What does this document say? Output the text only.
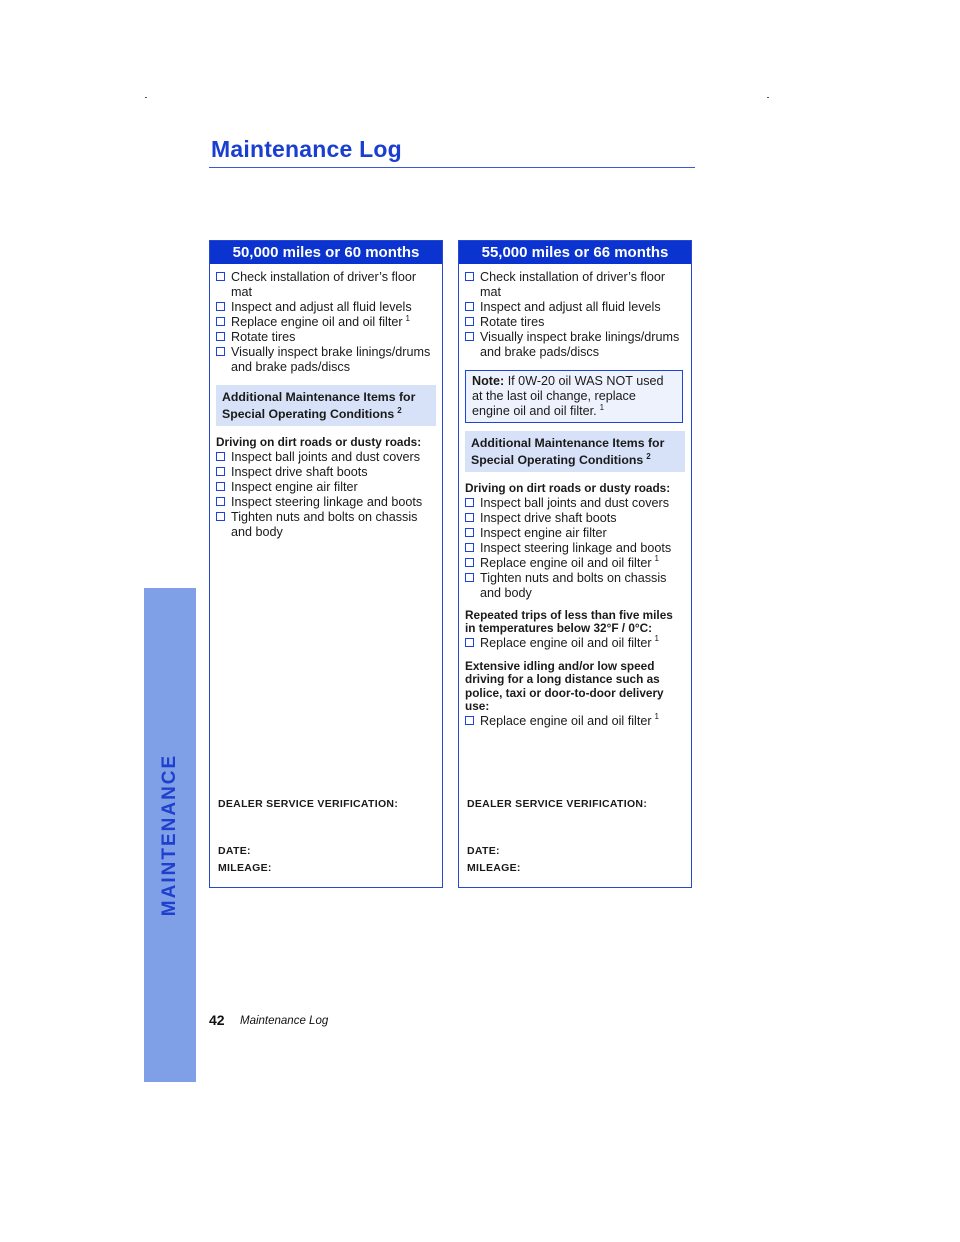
Maintenance Log
MAINTENANCE
50,000 miles or 60 months
Check installation of driver’s floor mat
Inspect and adjust all fluid levels
Replace engine oil and oil filter $^1$
Rotate tires
Visually inspect brake linings/drums and brake pads/discs
Additional Maintenance Items for
Special Operating Conditions $^2$
Driving on dirt roads or dusty roads:
Inspect ball joints and dust covers
Inspect drive shaft boots
Inspect engine air filter
Inspect steering linkage and boots
Tighten nuts and bolts on chassis and body
DEALER SERVICE VERIFICATION:
DATE:
MILEAGE:
55,000 miles or 66 months
Check installation of driver’s floor mat
Inspect and adjust all fluid levels
Rotate tires
Visually inspect brake linings/drums and brake pads/discs
Note: If 0W-20 oil WAS NOT used at the last oil change, replace engine oil and oil filter. $^1$
Additional Maintenance Items for
Special Operating Conditions $^2$
Driving on dirt roads or dusty roads:
Inspect ball joints and dust covers
Inspect drive shaft boots
Inspect engine air filter
Inspect steering linkage and boots
Replace engine oil and oil filter $^1$
Tighten nuts and bolts on chassis and body
Repeated trips of less than five miles in temperatures below 32°F / 0°C:
Replace engine oil and oil filter $^1$
Extensive idling and/or low speed driving for a long distance such as police, taxi or door-to-door delivery use:
Replace engine oil and oil filter $^1$
DEALER SERVICE VERIFICATION:
DATE:
MILEAGE:
42 Maintenance Log
